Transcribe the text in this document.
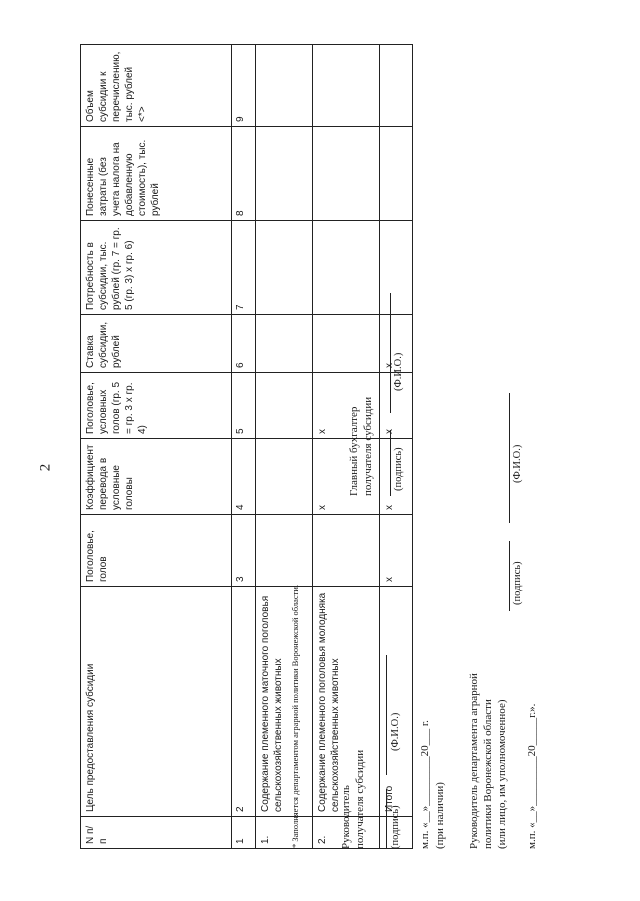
2
N п/п	Цель предоставления субсидии	Поголовье, голов	Коэффициент перевода в условные головы	Поголовье, условных голов (гр. 5 = гр. 3 x гр. 4)	Ставка субсидии, рублей	Потребность в субсидии, тыс. рублей (гр. 7 = гр. 5 (гр. 3) x гр. 6)	Понесенные затраты (без учета налога на добавленную стоимость), тыс. рублей	Объем субсидии к перечислению, тыс. рублей <*>
1	2	3	4	5	6	7	8	9
1.	Содержание племенного маточного поголовья сельскохозяйственных животных							
2.	Содержание племенного поголовья молодняка сельскохозяйственных животных		x	x				
	Итого	x	x	x	x			
* Заполняется департаментом аграрной политики Воронежской области.	Руководитель получателя субсидии (подпись)
(Ф.И.О.) м.п. «__»_________20___ г. (при наличии)
Главный бухгалтер получателя субсидии (подпись)
(Ф.И.О.)
Руководитель департамента аграрной политики Воронежской области (или лицо, им уполномоченное)
(подпись)
(Ф.И.О.)
м.п. «__»_________20_____г.».
